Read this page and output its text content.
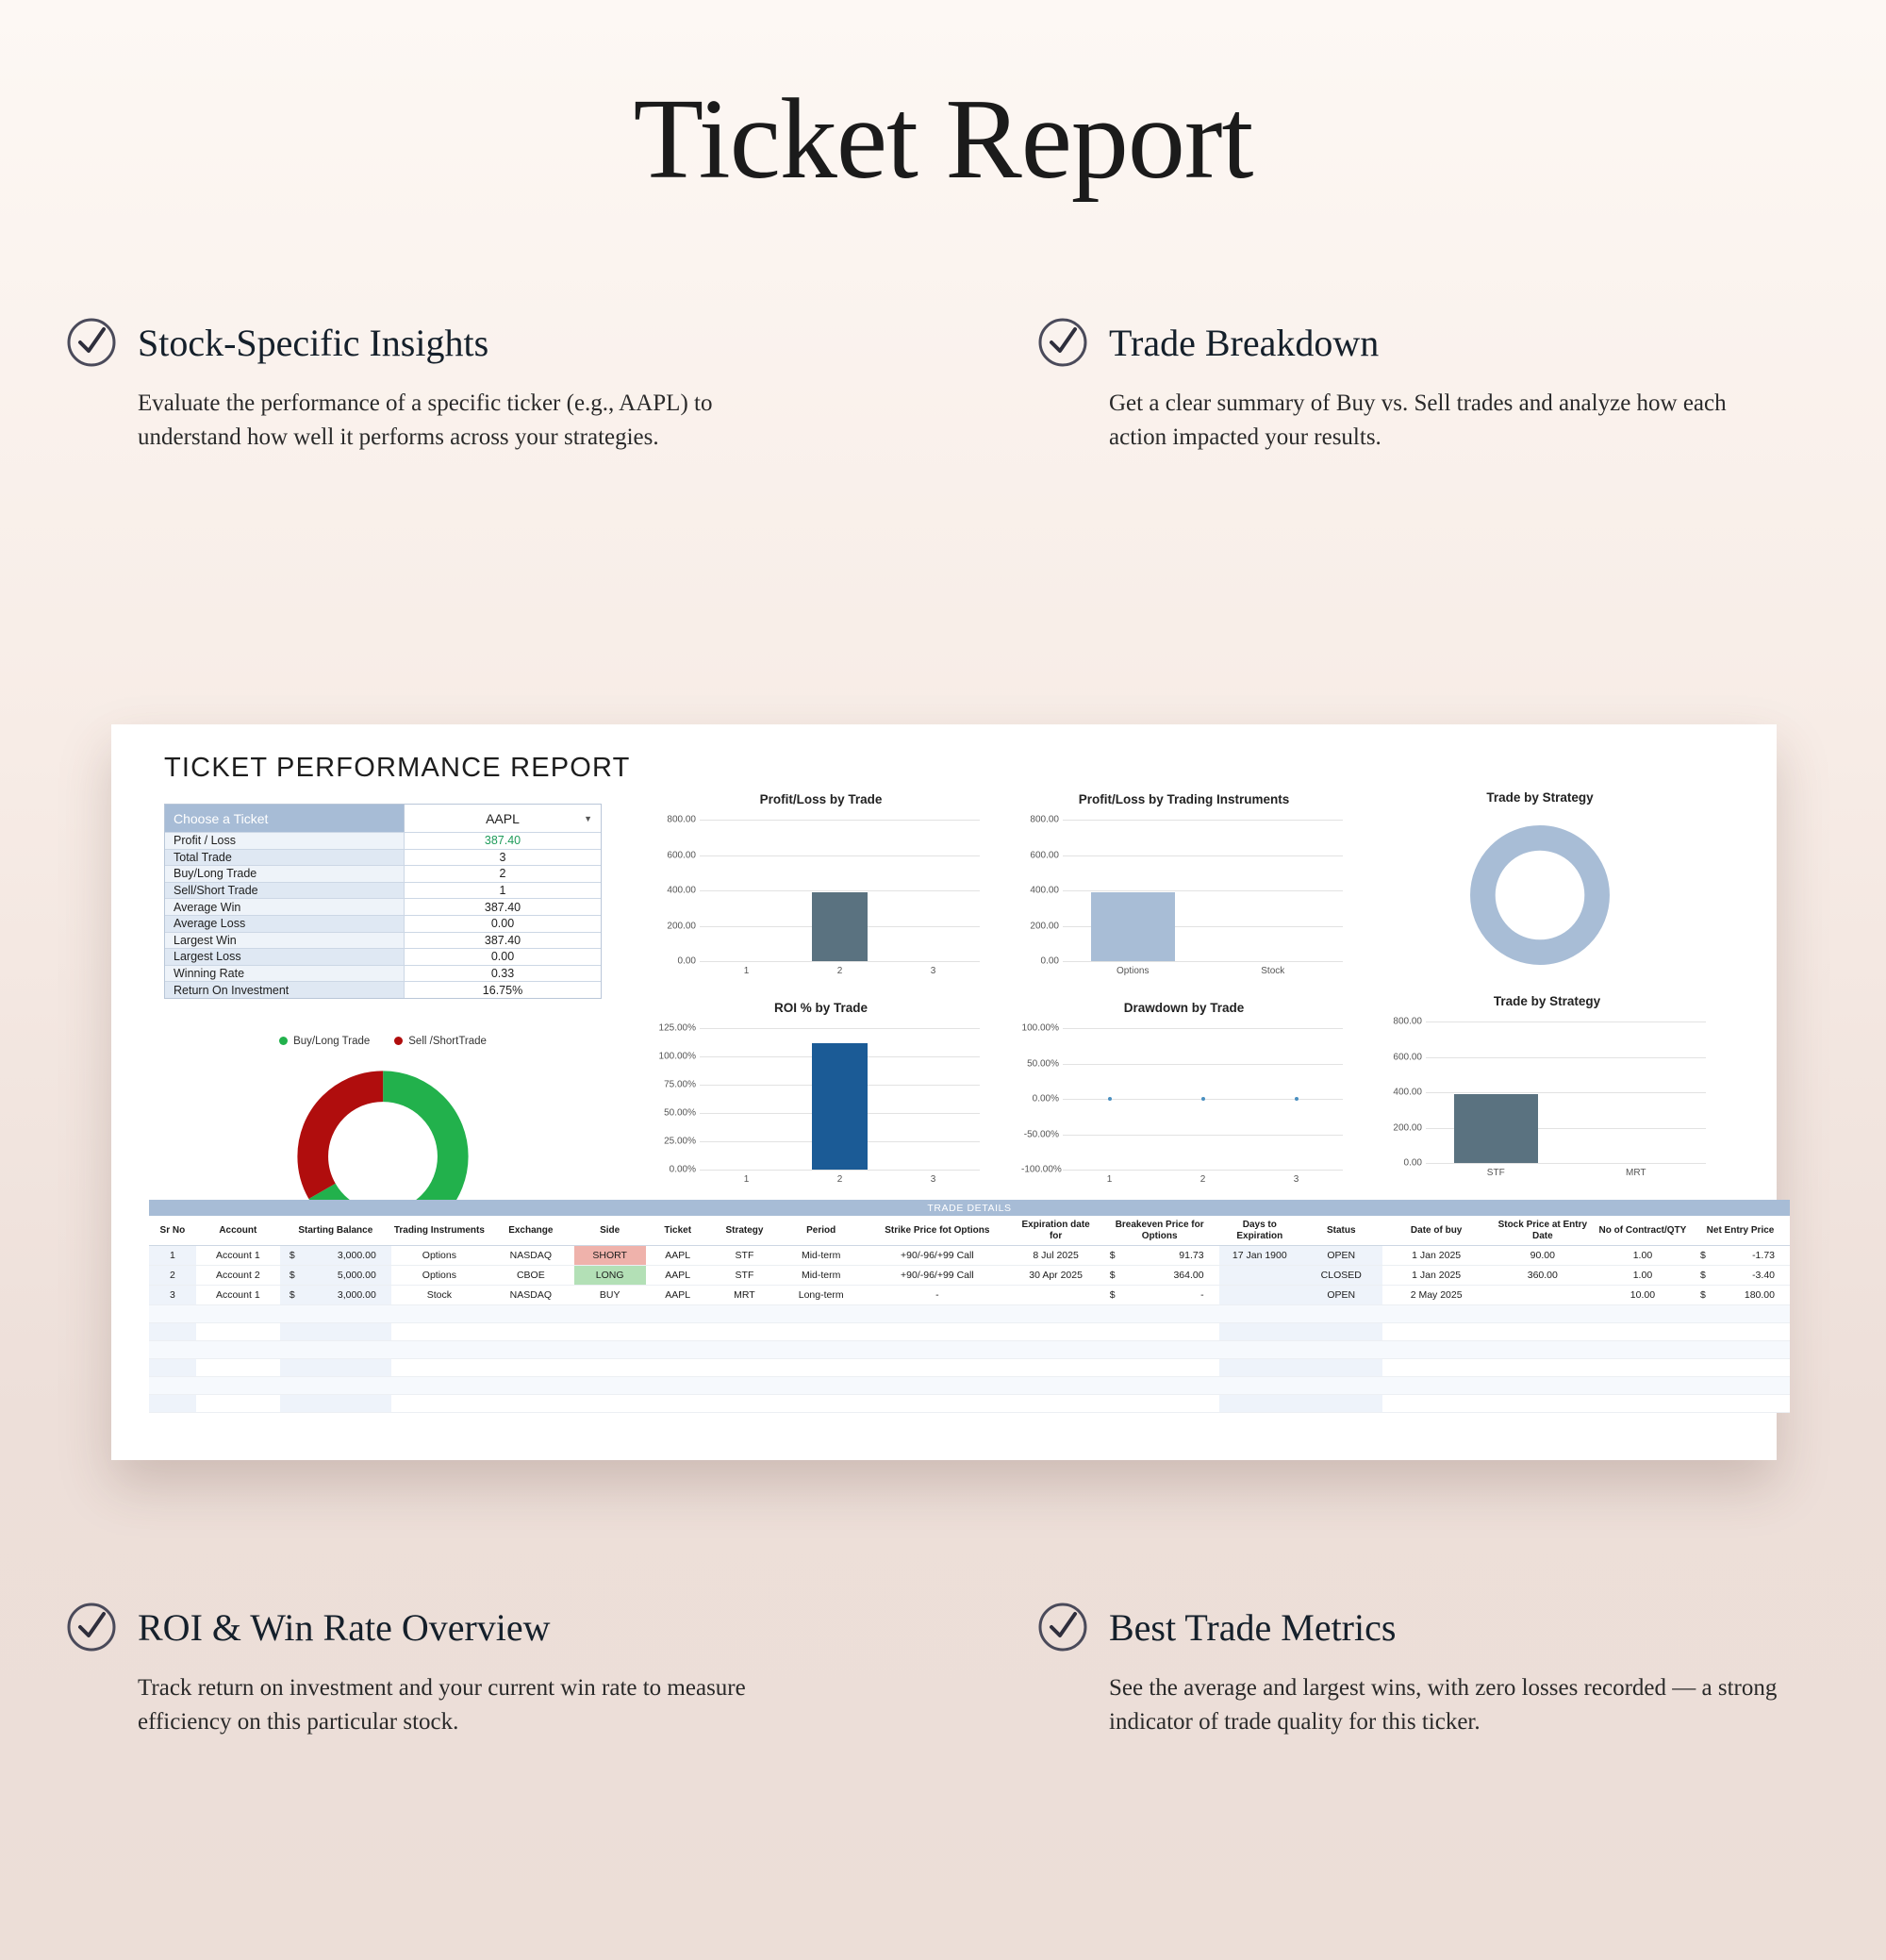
Ticket Report
Stock-Specific Insights
Evaluate the performance of a specific ticker (e.g., AAPL) to understand how well it performs across your strategies.
Trade Breakdown
Get a clear summary of Buy vs. Sell trades and analyze how each action impacted your results.
TICKET PERFORMANCE REPORT
Choose a Ticket	AAPL	▼
Profit / Loss	387.40
Total Trade	3
Buy/Long Trade	2
Sell/Short Trade	1
Average Win	387.40
Average Loss	0.00
Largest Win	387.40
Largest Loss	0.00
Winning Rate	0.33
Return On Investment	16.75%
Buy/Long Trade	Sell /ShortTrade
Profit/Loss by Trade
0.00
200.00
400.00
600.00
800.00
1	2	3
Profit/Loss by Trading Instruments
0.00
200.00
400.00
600.00
800.00
Options	Stock
Trade by Strategy
ROI % by Trade
0.00%
25.00%
50.00%
75.00%
100.00%
125.00%
1	2	3
Drawdown by Trade
-100.00%
-50.00%
0.00%
50.00%
100.00%
1	2	3
Trade by Strategy
0.00
200.00
400.00
600.00
800.00
STF	MRT
TRADE DETAILS
Sr No	Account	Starting Balance	Trading Instruments	Exchange	Side	Ticket	Strategy	Period	Strike Price fot Options	Expiration date for	Breakeven Price for Options	Days to Expiration	Status	Date of buy	Stock Price at Entry Date	No of Contract/QTY	Net Entry Price
1	Account 1	$ 3,000.00	Options	NASDAQ	SHORT	AAPL	STF	Mid-term	+90/-96/+99 Call	8 Jul 2025	$ 91.73	17 Jan 1900	OPEN	1 Jan 2025	90.00	1.00	$ -1.73
2	Account 2	$ 5,000.00	Options	CBOE	LONG	AAPL	STF	Mid-term	+90/-96/+99 Call	30 Apr 2025	$ 364.00		CLOSED	1 Jan 2025	360.00	1.00	$ -3.40
3	Account 1	$ 3,000.00	Stock	NASDAQ	BUY	AAPL	MRT	Long-term	-		$ -		OPEN	2 May 2025		10.00	$ 180.00

ROI & Win Rate Overview
Track return on investment and your current win rate to measure efficiency on this particular stock.
Best Trade Metrics
See the average and largest wins, with zero losses recorded — a strong indicator of trade quality for this ticker.
